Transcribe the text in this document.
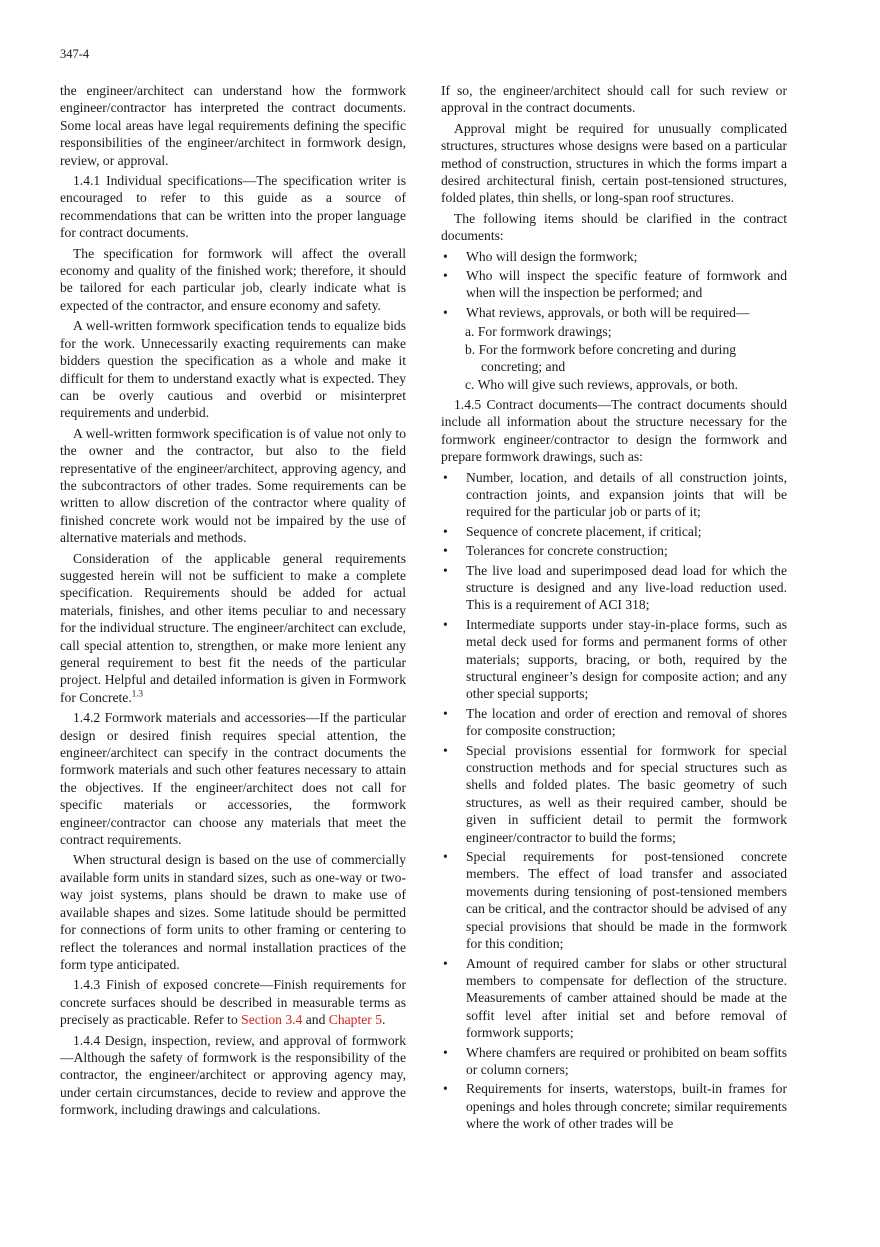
347-4

the engineer/architect can understand how the formwork engineer/contractor has interpreted the contract documents. Some local areas have legal requirements defining the specific responsibilities of the engineer/architect in formwork design, review, or approval.

1.4.1 Individual specifications—The specification writer is encouraged to refer to this guide as a source of recommendations that can be written into the proper language for contract documents.

The specification for formwork will affect the overall economy and quality of the finished work; therefore, it should be tailored for each particular job, clearly indicate what is expected of the contractor, and ensure economy and safety.

A well-written formwork specification tends to equalize bids for the work. Unnecessarily exacting requirements can make bidders question the specification as a whole and make it difficult for them to understand exactly what is expected. They can be overly cautious and overbid or misinterpret requirements and underbid.

A well-written formwork specification is of value not only to the owner and the contractor, but also to the field representative of the engineer/architect, approving agency, and the subcontractors of other trades. Some requirements can be written to allow discretion of the contractor where quality of finished concrete work would not be impaired by the use of alternative materials and methods.

Consideration of the applicable general requirements suggested herein will not be sufficient to make a complete specification. Requirements should be added for actual materials, finishes, and other items peculiar to and necessary for the individual structure. The engineer/architect can exclude, call special attention to, strengthen, or make more lenient any general requirement to best fit the needs of the particular project. Helpful and detailed information is given in Formwork for Concrete.$^{1.3}$

1.4.2 Formwork materials and accessories—If the particular design or desired finish requires special attention, the engineer/architect can specify in the contract documents the formwork materials and such other features necessary to attain the objectives. If the engineer/architect does not call for specific materials or accessories, the formwork engineer/contractor can choose any materials that meet the contract requirements.

When structural design is based on the use of commercially available form units in standard sizes, such as one-way or two-way joist systems, plans should be drawn to make use of available shapes and sizes. Some latitude should be permitted for connections of form units to other framing or centering to reflect the tolerances and normal installation practices of the form type anticipated.

1.4.3 Finish of exposed concrete—Finish requirements for concrete surfaces should be described in measurable terms as precisely as practicable. Refer to Section 3.4 and Chapter 5.

1.4.4 Design, inspection, review, and approval of formwork—Although the safety of formwork is the responsibility of the contractor, the engineer/architect or approving agency may, under certain circumstances, decide to review and approve the formwork, including drawings and calculations.

If so, the engineer/architect should call for such review or approval in the contract documents.

Approval might be required for unusually complicated structures, structures whose designs were based on a particular method of construction, structures in which the forms impart a desired architectural finish, certain post-tensioned structures, folded plates, thin shells, or long-span roof structures.

The following items should be clarified in the contract documents:

• Who will design the formwork;
• Who will inspect the specific feature of formwork and when will the inspection be performed; and
• What reviews, approvals, or both will be required—
a. For formwork drawings;
b. For the formwork before concreting and during concreting; and
c. Who will give such reviews, approvals, or both.

1.4.5 Contract documents—The contract documents should include all information about the structure necessary for the formwork engineer/contractor to design the formwork and prepare formwork drawings, such as:

• Number, location, and details of all construction joints, contraction joints, and expansion joints that will be required for the particular job or parts of it;
• Sequence of concrete placement, if critical;
• Tolerances for concrete construction;
• The live load and superimposed dead load for which the structure is designed and any live-load reduction used. This is a requirement of ACI 318;
• Intermediate supports under stay-in-place forms, such as metal deck used for forms and permanent forms of other materials; supports, bracing, or both, required by the structural engineer’s design for composite action; and any other special supports;
• The location and order of erection and removal of shores for composite construction;
• Special provisions essential for formwork for special construction methods and for special structures such as shells and folded plates. The basic geometry of such structures, as well as their required camber, should be given in sufficient detail to permit the formwork engineer/contractor to build the forms;
• Special requirements for post-tensioned concrete members. The effect of load transfer and associated movements during tensioning of post-tensioned members can be critical, and the contractor should be advised of any special provisions that should be made in the formwork for this condition;
• Amount of required camber for slabs or other structural members to compensate for deflection of the structure. Measurements of camber attained should be made at the soffit level after initial set and before removal of formwork supports;
• Where chamfers are required or prohibited on beam soffits or column corners;
• Requirements for inserts, waterstops, built-in frames for openings and holes through concrete; similar requirements where the work of other trades will be
